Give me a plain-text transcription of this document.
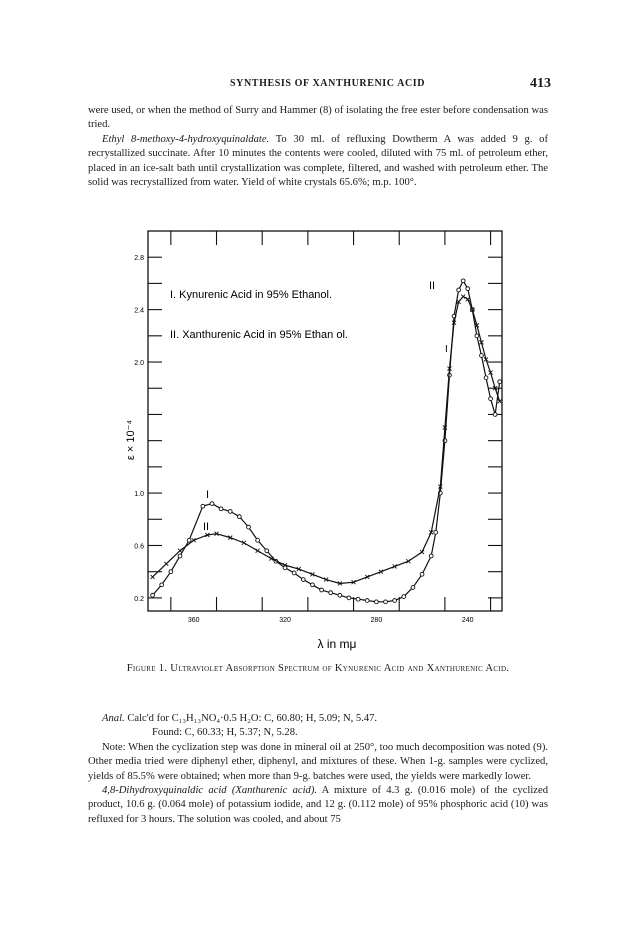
SYNTHESIS OF XANTHURENIC ACID	413

were used, or when the method of Surry and Hammer (8) of isolating the free ester before condensation was tried.

Ethyl 8-methoxy-4-hydroxyquinaldate. To 30 ml. of refluxing Dowtherm A was added 9 g. of recrystallized succinate. After 10 minutes the contents were cooled, diluted with 75 ml. of petroleum ether, placed in an ice-salt bath until crystallization was complete, filtered, and washed with petroleum ether. The solid was recrystallized from water. Yield of white crystals 65.6%; m.p. 100°.

0.2
0.6
1.0
2.0
2.4
2.8
360	320	280	240
I. Kynurenic Acid in 95% Ethanol.
II. Xanthurenic Acid in 95% Ethan ol.
I
II
I
II
ε × 10⁻⁴
λ in mμ
Figure 1. Ultraviolet Absorption Spectrum of Kynurenic Acid and Xanthurenic Acid.

Anal. Calc'd for C₁₃H₁₃NO₄·0.5 H₂O: C, 60.80; H, 5.09; N, 5.47.

Found: C, 60.33; H, 5.37; N, 5.28.

Note: When the cyclization step was done in mineral oil at 250°, too much decomposition was noted (9). Other media tried were diphenyl ether, diphenyl, and mixtures of these. When 1-g. samples were cyclized, yields of 85.5% were obtained; when more than 9-g. batches were used, the yields were markedly lower.

4,8-Dihydroxyquinaldic acid (Xanthurenic acid). A mixture of 4.3 g. (0.016 mole) of the cyclized product, 10.6 g. (0.064 mole) of potassium iodide, and 12 g. (0.112 mole) of 95% phosphoric acid (10) was refluxed for 3 hours. The solution was cooled, and about 75
